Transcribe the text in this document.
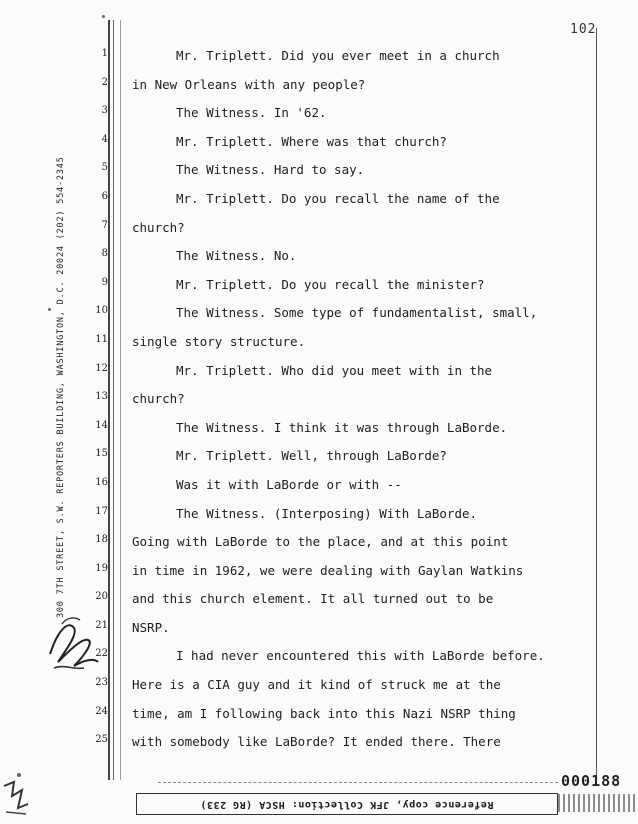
102
300 7TH STREET, S.W. REPORTERS BUILDING, WASHINGTON, D.C. 20024 (202) 554-2345
1
2
3
4
5
6
7
8
9
10
11
12
13
14
15
16
17
18
19
20
21
22
23
24
25
Mr. Triplett. Did you ever meet in a church
in New Orleans with any people?
The Witness. In '62.
Mr. Triplett. Where was that church?
The Witness. Hard to say.
Mr. Triplett. Do you recall the name of the
church?
The Witness. No.
Mr. Triplett. Do you recall the minister?
The Witness. Some type of fundamentalist, small,
single story structure.
Mr. Triplett. Who did you meet with in the
church?
The Witness. I think it was through LaBorde.
Mr. Triplett. Well, through LaBorde?
Was it with LaBorde or with --
The Witness. (Interposing) With LaBorde.
Going with LaBorde to the place, and at this point
in time in 1962, we were dealing with Gaylan Watkins
and this church element. It all turned out to be
NSRP.
I had never encountered this with LaBorde before.
Here is a CIA guy and it kind of struck me at the
time, am I following back into this Nazi NSRP thing
with somebody like LaBorde? It ended there. There
000188
Reference copy, JFK Collection: HSCA (RG 233)
